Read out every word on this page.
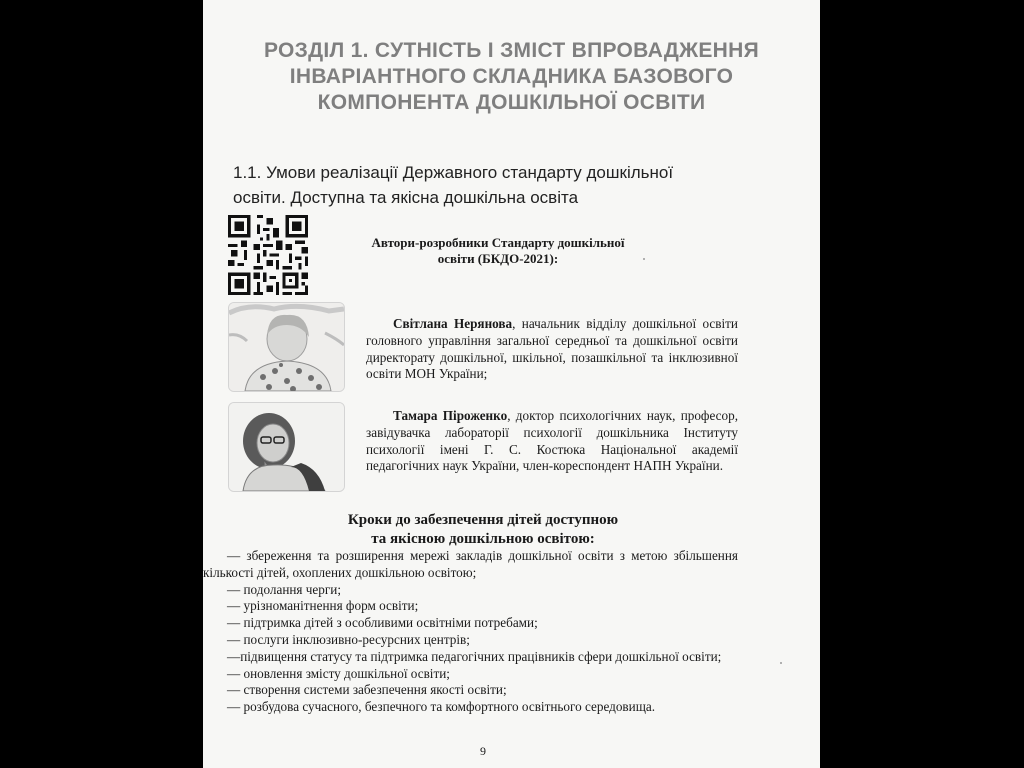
РОЗДІЛ 1. СУТНІСТЬ І ЗМІСТ ВПРОВАДЖЕННЯ
ІНВАРІАНТНОГО СКЛАДНИКА БАЗОВОГО
КОМПОНЕНТА ДОШКІЛЬНОЇ ОСВІТИ
1.1. Умови реалізації Державного стандарту дошкільної
освіти. Доступна та якісна дошкільна освіта
Автори-розробники Стандарту дошкільної
освіти (БКДО-2021):
Світлана Нерянова, начальник відділу дошкільної освіти головного управління загальної середньої та дошкільної освіти директорату дошкільної, шкільної, позашкільної та інклюзивної освіти МОН України;
Тамара Піроженко, доктор психологічних наук, професор, завідувачка лабораторії психології дошкільника Інституту психології імені Г. С. Костюка Національної академії педагогічних наук України, член-кореспондент НАПН України.
Кроки до забезпечення дітей доступною
та якісною дошкільною освітою:
— збереження та розширення мережі закладів дошкільної освіти з метою збільшення кількості дітей, охоплених дошкільною освітою;
— подолання черги;
— урізноманітнення форм освіти;
— підтримка дітей з особливими освітніми потребами;
— послуги інклюзивно-ресурсних центрів;
—підвищення статусу та підтримка педагогічних працівників сфери дошкільної освіти;
— оновлення змісту дошкільної освіти;
— створення системи забезпечення якості освіти;
— розбудова сучасного, безпечного та комфортного освітнього середовища.
9
